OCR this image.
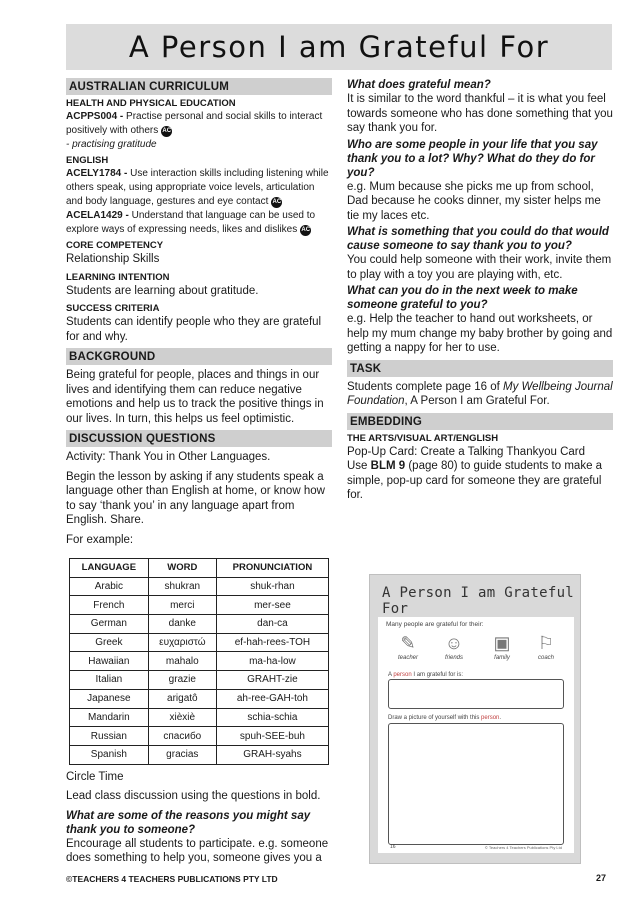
A Person I am Grateful For
AUSTRALIAN CURRICULUM
HEALTH AND PHYSICAL EDUCATION
ACPPS004 - Practise personal and social skills to interact positively with others AC
- practising gratitude
ENGLISH
ACELY1784 - Use interaction skills including listening while others speak, using appropriate voice levels, articulation and body language, gestures and eye contact AC
ACELA1429 - Understand that language can be used to explore ways of expressing needs, likes and dislikes AC
CORE COMPETENCY
Relationship Skills
LEARNING INTENTION
Students are learning about gratitude.
SUCCESS CRITERIA
Students can identify people who they are grateful for and why.
BACKGROUND
Being grateful for people, places and things in our lives and identifying them can reduce negative emotions and help us to track the positive things in our lives. In turn, this helps us feel optimistic.
DISCUSSION QUESTIONS
Activity: Thank You in Other Languages.
Begin the lesson by asking if any students speak a language other than English at home, or know how to say ‘thank you’ in any language apart from English. Share.
For example:
LANGUAGE	WORD	PRONUNCIATION
Arabic	shukran	shuk-rhan
French	merci	mer-see
German	danke	dan-ca
Greek	ευχαριστώ	ef-hah-rees-TOH
Hawaiian	mahalo	ma-ha-low
Italian	grazie	GRAHT-zie
Japanese	arigatô	ah-ree-GAH-toh
Mandarin	xièxiè	schia-schia
Russian	спасибо	spuh-SEE-buh
Spanish	gracias	GRAH-syahs
Circle Time
Lead class discussion using the questions in bold.
What are some of the reasons you might say thank you to someone?
Encourage all students to participate. e.g. someone does something to help you, someone gives you a
What does grateful mean?
It is similar to the word thankful – it is what you feel towards someone who has done something that you say thank you for.
Who are some people in your life that you say thank you to a lot? Why? What do they do for you?
e.g. Mum because she picks me up from school, Dad because he cooks dinner, my sister helps me tie my laces etc.
What is something that you could do that would cause someone to say thank you to you?
You could help someone with their work, invite them to play with a toy you are playing with, etc.
What can you do in the next week to make someone grateful to you?
e.g. Help the teacher to hand out worksheets, or help my mum change my baby brother by going and getting a nappy for her to use.
TASK
Students complete page 16 of My Wellbeing Journal Foundation, A Person I am Grateful For.
EMBEDDING
THE ARTS/VISUAL ART/ENGLISH
Pop-Up Card: Create a Talking Thankyou Card
Use BLM 9 (page 80) to guide students to make a simple, pop-up card for someone they are grateful for.
A Person I am Grateful For
Many people are grateful for their:
✎
teacher
☺
friends
▣
family
⚐
coach
A person I am grateful for is:
Draw a picture of yourself with this person.
16	© Teachers 4 Teachers Publications Pty Ltd
©TEACHERS 4 TEACHERS PUBLICATIONS PTY LTD	27
